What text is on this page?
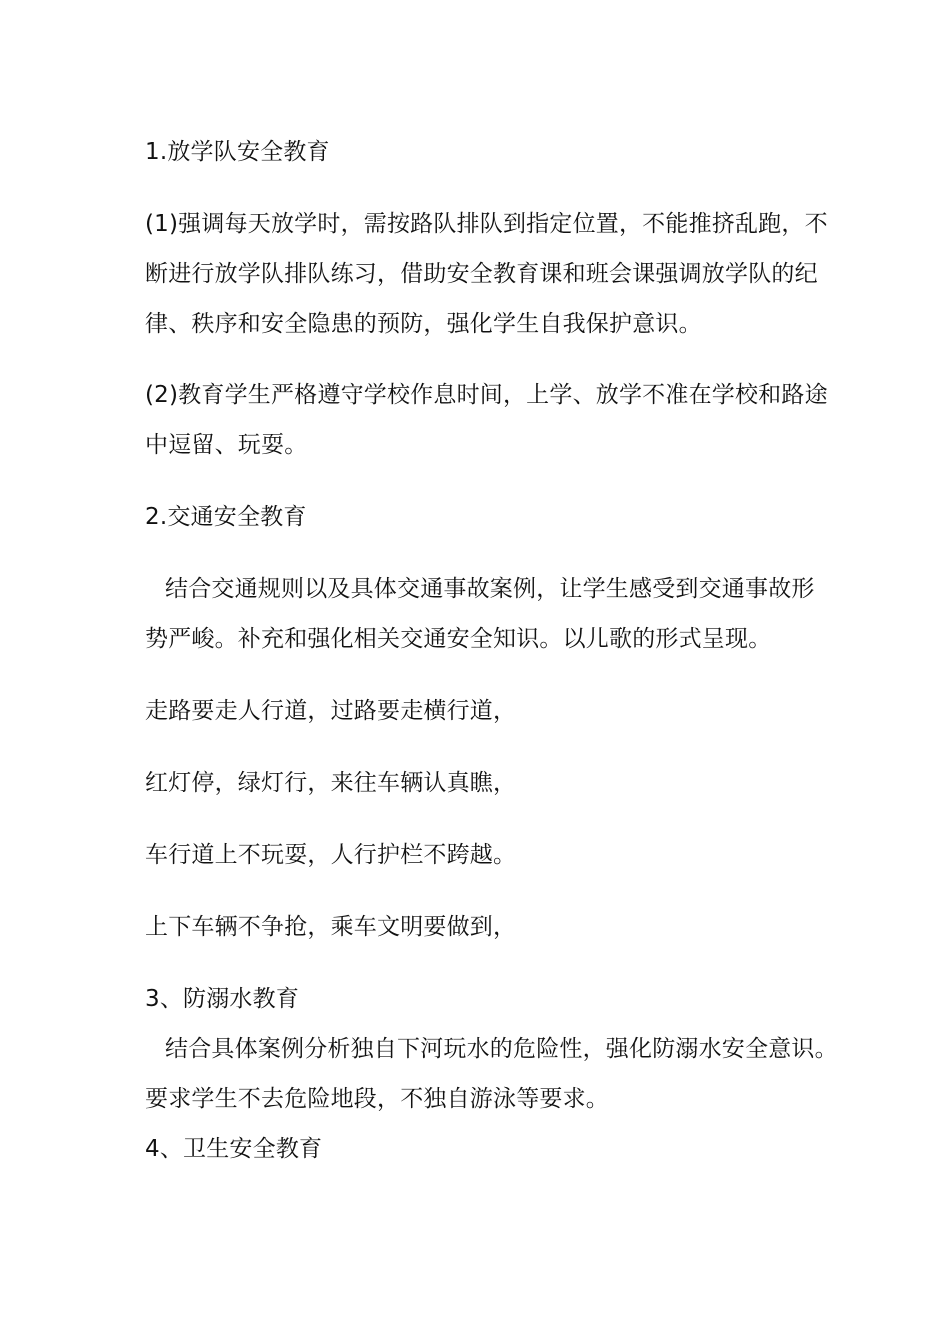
1.放学队安全教育
(1)强调每天放学时，需按路队排队到指定位置，不能推挤乱跑，不
断进行放学队排队练习，借助安全教育课和班会课强调放学队的纪
律、秩序和安全隐患的预防，强化学生自我保护意识。
(2)教育学生严格遵守学校作息时间，上学、放学不准在学校和路途
中逗留、玩耍。
2.交通安全教育
结合交通规则以及具体交通事故案例，让学生感受到交通事故形
势严峻。补充和强化相关交通安全知识。以儿歌的形式呈现。
走路要走人行道，过路要走横行道，
红灯停，绿灯行，来往车辆认真瞧，
车行道上不玩耍，人行护栏不跨越。
上下车辆不争抢，乘车文明要做到，
3、防溺水教育
结合具体案例分析独自下河玩水的危险性，强化防溺水安全意识。
要求学生不去危险地段，不独自游泳等要求。
4、卫生安全教育
